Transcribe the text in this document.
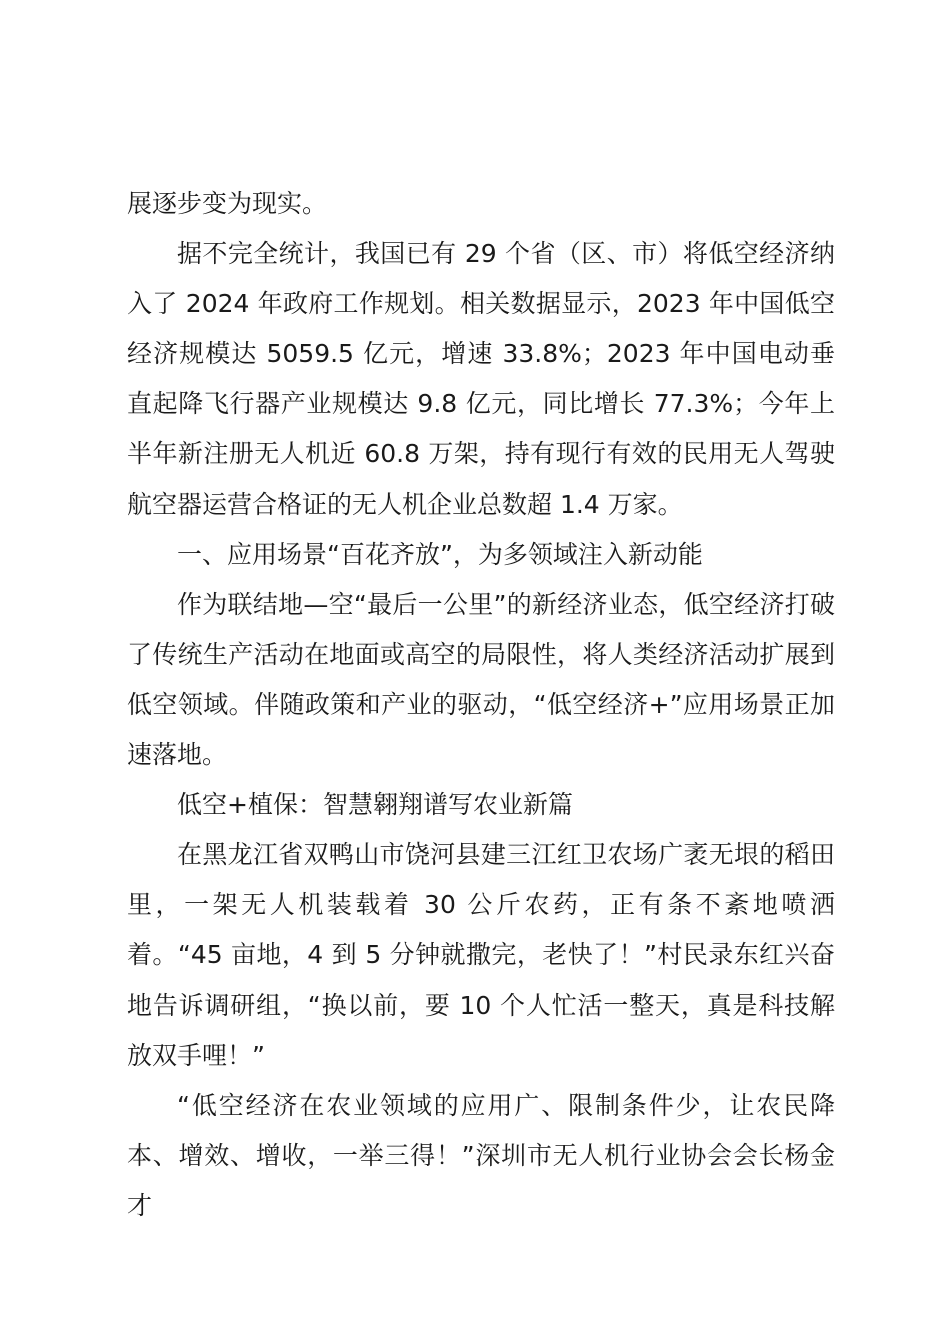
展逐步变为现实。

据不完全统计，我国已有 29 个省（区、市）将低空经济纳入了 2024 年政府工作规划。相关数据显示，2023 年中国低空经济规模达 5059.5 亿元，增速 33.8%；2023 年中国电动垂直起降飞行器产业规模达 9.8 亿元，同比增长 77.3%；今年上半年新注册无人机近 60.8 万架，持有现行有效的民用无人驾驶航空器运营合格证的无人机企业总数超 1.4 万家。

一、应用场景“百花齐放”，为多领域注入新动能

作为联结地—空“最后一公里”的新经济业态，低空经济打破了传统生产活动在地面或高空的局限性，将人类经济活动扩展到低空领域。伴随政策和产业的驱动，“低空经济+”应用场景正加速落地。

低空+植保：智慧翱翔谱写农业新篇

在黑龙江省双鸭山市饶河县建三江红卫农场广袤无垠的稻田里，一架无人机装载着 30 公斤农药，正有条不紊地喷洒着。“45 亩地，4 到 5 分钟就撒完，老快了！”村民录东红兴奋地告诉调研组，“换以前，要 10 个人忙活一整天，真是科技解放双手哩！”

“低空经济在农业领域的应用广、限制条件少，让农民降本、增效、增收，一举三得！”深圳市无人机行业协会会长杨金才
